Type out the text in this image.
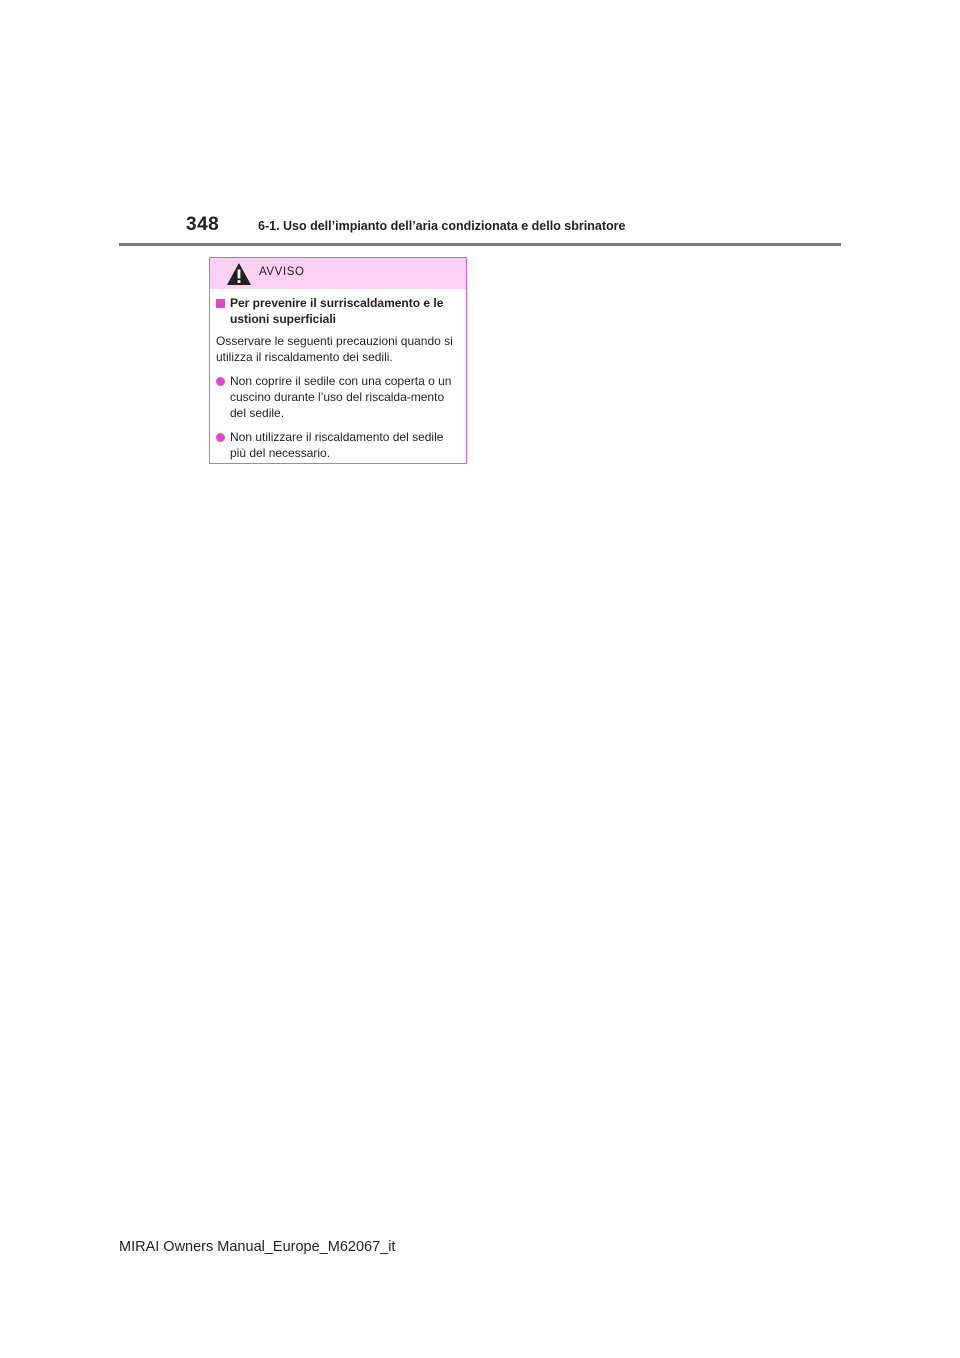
348	6-1. Uso dell’impianto dell’aria condizionata e dello sbrinatore
AVVISO
Per prevenire il surriscaldamento e le ustioni superficiali
Osservare le seguenti precauzioni quando si utilizza il riscaldamento dei sedili.
Non coprire il sedile con una coperta o un cuscino durante l’uso del riscalda-mento del sedile.
Non utilizzare il riscaldamento del sedile più del necessario.
MIRAI Owners Manual_Europe_M62067_it
